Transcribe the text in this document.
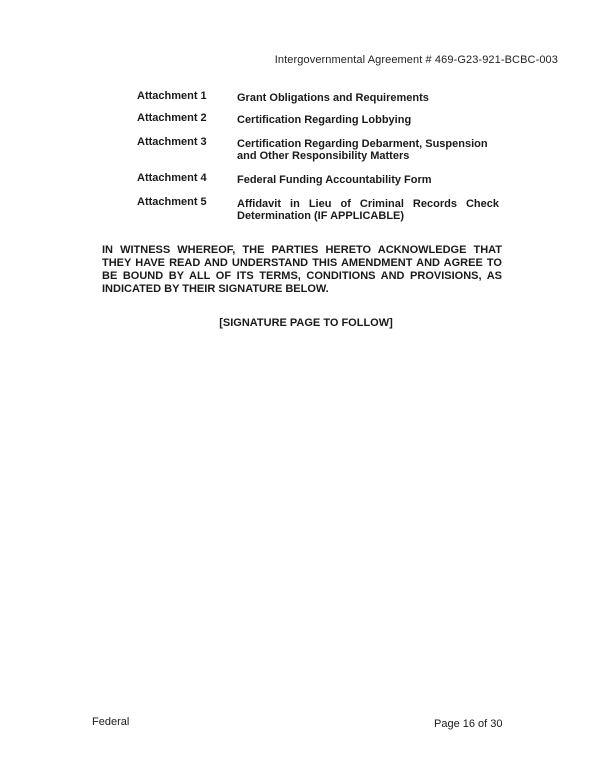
Intergovernmental Agreement # 469-G23-921-BCBC-003
Attachment 1	Grant Obligations and Requirements
Attachment 2	Certification Regarding Lobbying
Attachment 3	Certification Regarding Debarment, Suspension and Other Responsibility Matters
Attachment 4	Federal Funding Accountability Form
Attachment 5	Affidavit in Lieu of Criminal Records Check Determination (IF APPLICABLE)
IN WITNESS WHEREOF, THE PARTIES HERETO ACKNOWLEDGE THAT THEY HAVE READ AND UNDERSTAND THIS AMENDMENT AND AGREE TO BE BOUND BY ALL OF ITS TERMS, CONDITIONS AND PROVISIONS, AS INDICATED BY THEIR SIGNATURE BELOW.
[SIGNATURE PAGE TO FOLLOW]
Federal	Page 16 of 30
